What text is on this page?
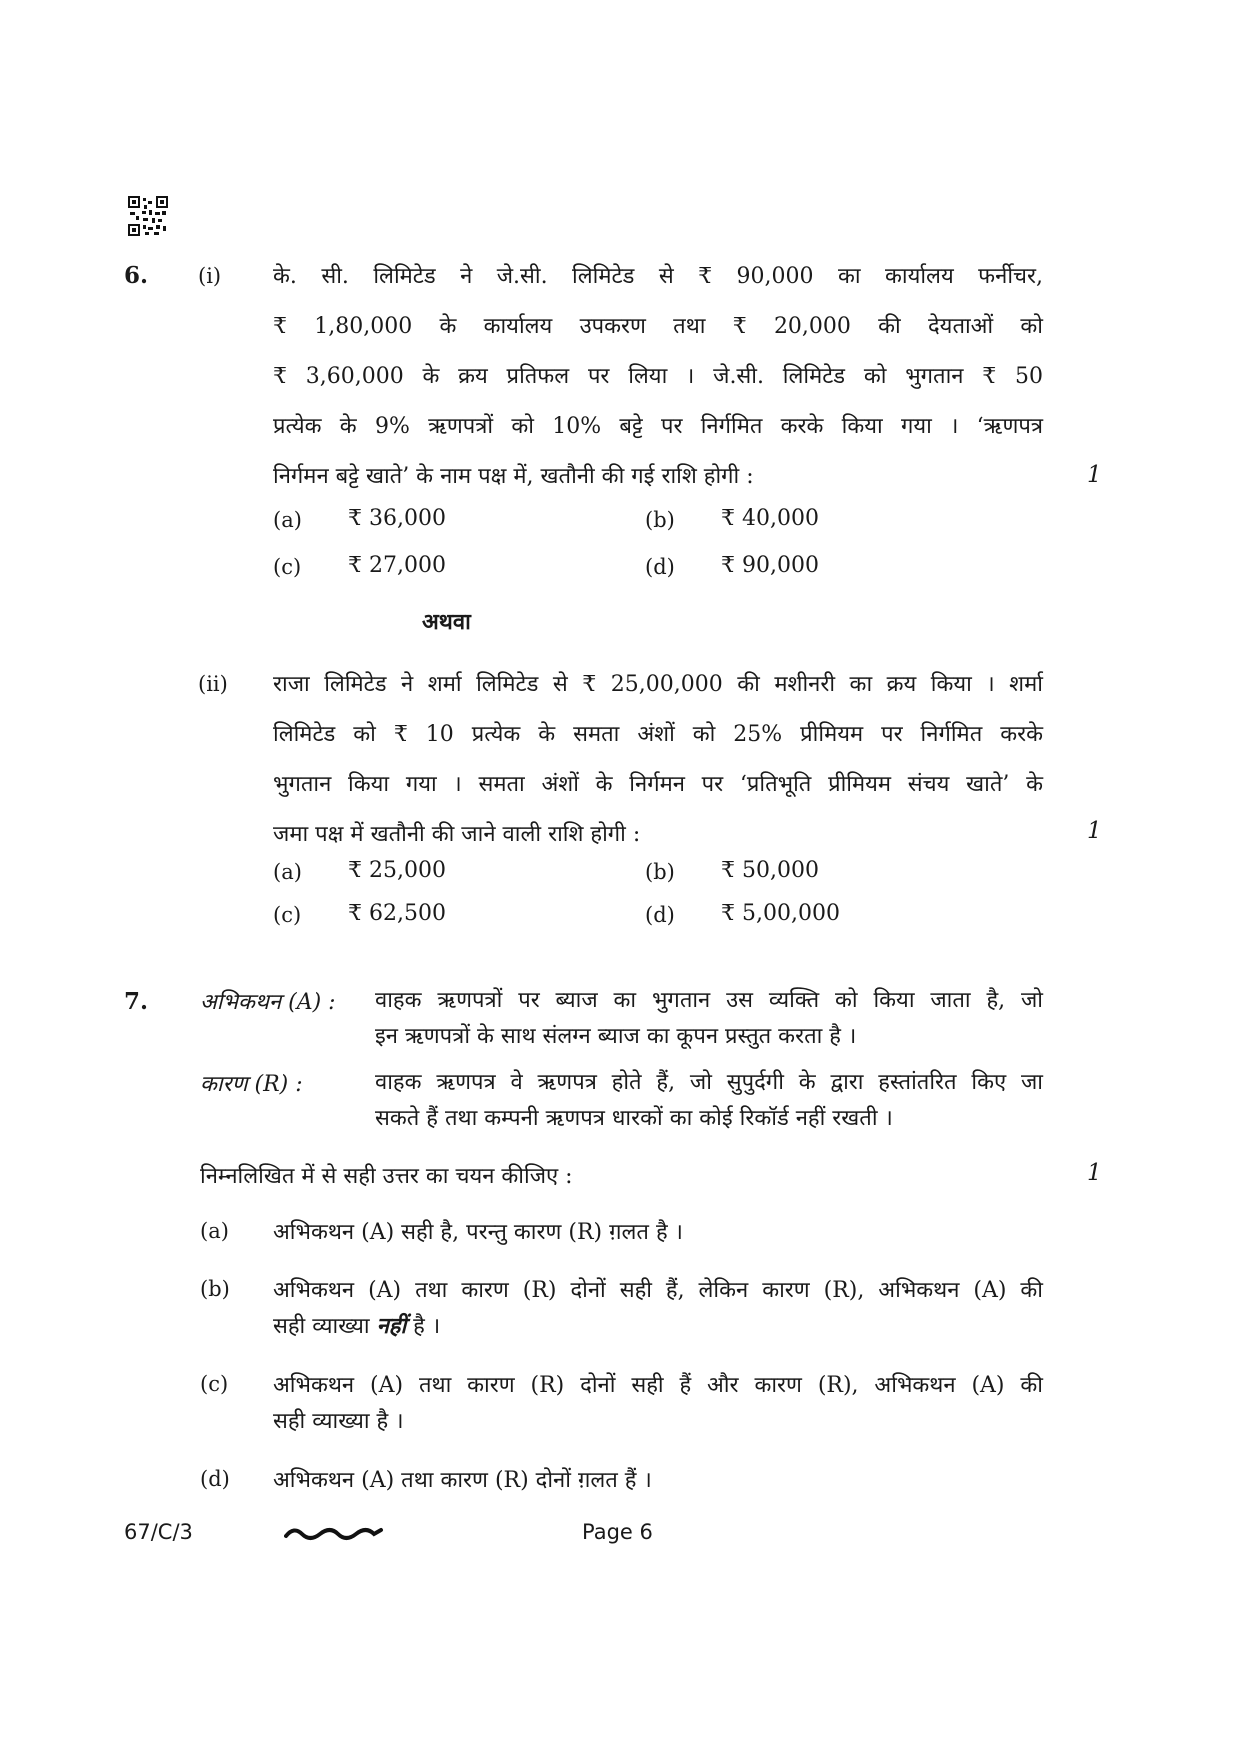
6. (i) के. सी. लिमिटेड ने जे.सी. लिमिटेड से ₹ 90,000 का कार्यालय फर्नीचर,
₹ 1,80,000 के कार्यालय उपकरण तथा ₹ 20,000 की देयताओं को
₹ 3,60,000 के क्रय प्रतिफल पर लिया । जे.सी. लिमिटेड को भुगतान ₹ 50
प्रत्येक के 9% ऋणपत्रों को 10% बट्टे पर निर्गमित करके किया गया । ‘ऋणपत्र
निर्गमन बट्टे खाते’ के नाम पक्ष में, खतौनी की गई राशि होगी :	1
(a) ₹ 36,000	(b) ₹ 40,000
(c) ₹ 27,000	(d) ₹ 90,000
अथवा
(ii) राजा लिमिटेड ने शर्मा लिमिटेड से ₹ 25,00,000 की मशीनरी का क्रय किया । शर्मा
लिमिटेड को ₹ 10 प्रत्येक के समता अंशों को 25% प्रीमियम पर निर्गमित करके
भुगतान किया गया । समता अंशों के निर्गमन पर ‘प्रतिभूति प्रीमियम संचय खाते’ के
जमा पक्ष में खतौनी की जाने वाली राशि होगी :	1
(a) ₹ 25,000	(b) ₹ 50,000
(c) ₹ 62,500	(d) ₹ 5,00,000
7. अभिकथन (A) : वाहक ऋणपत्रों पर ब्याज का भुगतान उस व्यक्ति को किया जाता है, जो
इन ऋणपत्रों के साथ संलग्न ब्याज का कूपन प्रस्तुत करता है ।
कारण (R) :	वाहक ऋणपत्र वे ऋणपत्र होते हैं, जो सुपुर्दगी के द्वारा हस्तांतरित किए जा
सकते हैं तथा कम्पनी ऋणपत्र धारकों का कोई रिकॉर्ड नहीं रखती ।
निम्नलिखित में से सही उत्तर का चयन कीजिए :	1
(a) अभिकथन (A) सही है, परन्तु कारण (R) ग़लत है ।
(b) अभिकथन (A) तथा कारण (R) दोनों सही हैं, लेकिन कारण (R), अभिकथन (A) की
सही व्याख्या नहीं है ।
(c) अभिकथन (A) तथा कारण (R) दोनों सही हैं और कारण (R), अभिकथन (A) की
सही व्याख्या है ।
(d) अभिकथन (A) तथा कारण (R) दोनों ग़लत हैं ।
67/C/3	Page 6
